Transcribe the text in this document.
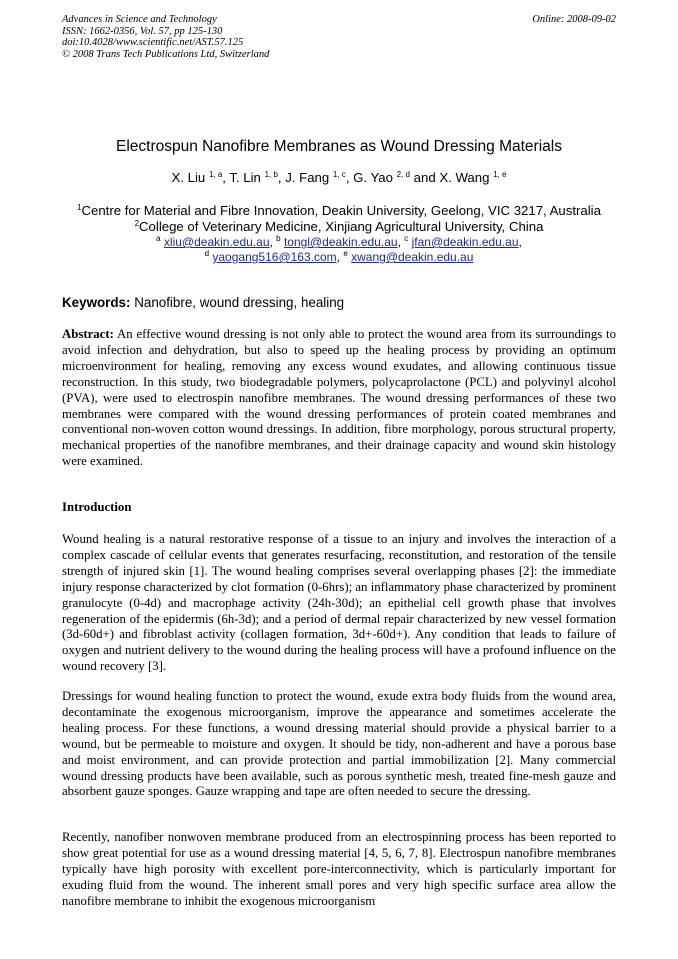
Advances in Science and Technology
ISSN: 1662-0356, Vol. 57, pp 125-130
doi:10.4028/www.scientific.net/AST.57.125
© 2008 Trans Tech Publications Ltd, Switzerland
Online: 2008-09-02
Electrospun Nanofibre Membranes as Wound Dressing Materials
X. Liu $^{1, a}$, T. Lin $^{1, b}$, J. Fang $^{1, c}$, G. Yao $^{2, d}$ and X. Wang $^{1, e}$
$^1$Centre for Material and Fibre Innovation, Deakin University, Geelong, VIC 3217, Australia
$^2$College of Veterinary Medicine, Xinjiang Agricultural University, China
$^a$ xliu@deakin.edu.au, $^b$ tongl@deakin.edu.au, $^c$ jfan@deakin.edu.au,
$^d$ yaogang516@163.com, $^e$ xwang@deakin.edu.au
Keywords: Nanofibre, wound dressing, healing
Abstract: An effective wound dressing is not only able to protect the wound area from its surroundings to avoid infection and dehydration, but also to speed up the healing process by providing an optimum microenvironment for healing, removing any excess wound exudates, and allowing continuous tissue reconstruction. In this study, two biodegradable polymers, polycaprolactone (PCL) and polyvinyl alcohol (PVA), were used to electrospin nanofibre membranes. The wound dressing performances of these two membranes were compared with the wound dressing performances of protein coated membranes and conventional non-woven cotton wound dressings. In addition, fibre morphology, porous structural property, mechanical properties of the nanofibre membranes, and their drainage capacity and wound skin histology were examined.
Introduction
Wound healing is a natural restorative response of a tissue to an injury and involves the interaction of a complex cascade of cellular events that generates resurfacing, reconstitution, and restoration of the tensile strength of injured skin [1]. The wound healing comprises several overlapping phases [2]: the immediate injury response characterized by clot formation (0-6hrs); an inflammatory phase characterized by prominent granulocyte (0-4d) and macrophage activity (24h-30d); an epithelial cell growth phase that involves regeneration of the epidermis (6h-3d); and a period of dermal repair characterized by new vessel formation (3d-60d+) and fibroblast activity (collagen formation, 3d+-60d+). Any condition that leads to failure of oxygen and nutrient delivery to the wound during the healing process will have a profound influence on the wound recovery [3].
Dressings for wound healing function to protect the wound, exude extra body fluids from the wound area, decontaminate the exogenous microorganism, improve the appearance and sometimes accelerate the healing process. For these functions, a wound dressing material should provide a physical barrier to a wound, but be permeable to moisture and oxygen. It should be tidy, non-adherent and have a porous base and moist environment, and can provide protection and partial immobilization [2]. Many commercial wound dressing products have been available, such as porous synthetic mesh, treated fine-mesh gauze and absorbent gauze sponges. Gauze wrapping and tape are often needed to secure the dressing.
Recently, nanofiber nonwoven membrane produced from an electrospinning process has been reported to show great potential for use as a wound dressing material [4, 5, 6, 7, 8]. Electrospun nanofibre membranes typically have high porosity with excellent pore-interconnectivity, which is particularly important for exuding fluid from the wound. The inherent small pores and very high specific surface area allow the nanofibre membrane to inhibit the exogenous microorganism
